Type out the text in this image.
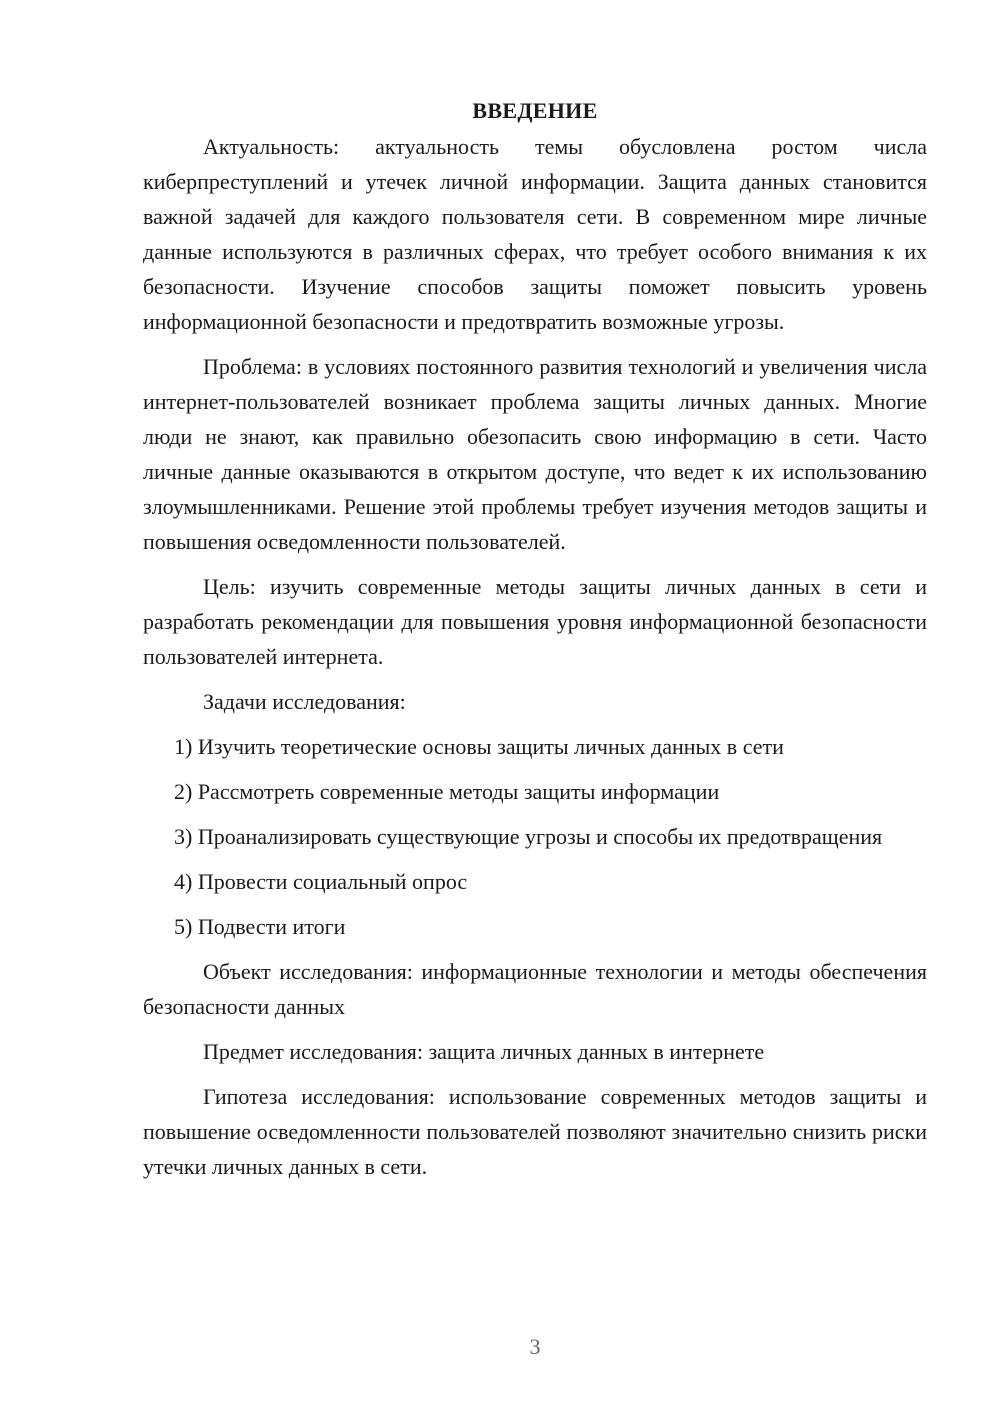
ВВЕДЕНИЕ

Актуальность: актуальность темы обусловлена ростом числа киберпреступлений и утечек личной информации. Защита данных становится важной задачей для каждого пользователя сети. В современном мире личные данные используются в различных сферах, что требует особого внимания к их безопасности. Изучение способов защиты поможет повысить уровень информационной безопасности и предотвратить возможные угрозы.

Проблема: в условиях постоянного развития технологий и увеличения числа интернет-пользователей возникает проблема защиты личных данных. Многие люди не знают, как правильно обезопасить свою информацию в сети. Часто личные данные оказываются в открытом доступе, что ведет к их использованию злоумышленниками. Решение этой проблемы требует изучения методов защиты и повышения осведомленности пользователей.

Цель: изучить современные методы защиты личных данных в сети и разработать рекомендации для повышения уровня информационной безопасности пользователей интернета.

Задачи исследования:

1) Изучить теоретические основы защиты личных данных в сети

2) Рассмотреть современные методы защиты информации

3) Проанализировать существующие угрозы и способы их предотвращения

4) Провести социальный опрос

5) Подвести итоги

Объект исследования: информационные технологии и методы обеспечения безопасности данных

Предмет исследования: защита личных данных в интернете

Гипотеза исследования: использование современных методов защиты и повышение осведомленности пользователей позволяют значительно снизить риски утечки личных данных в сети.

3
